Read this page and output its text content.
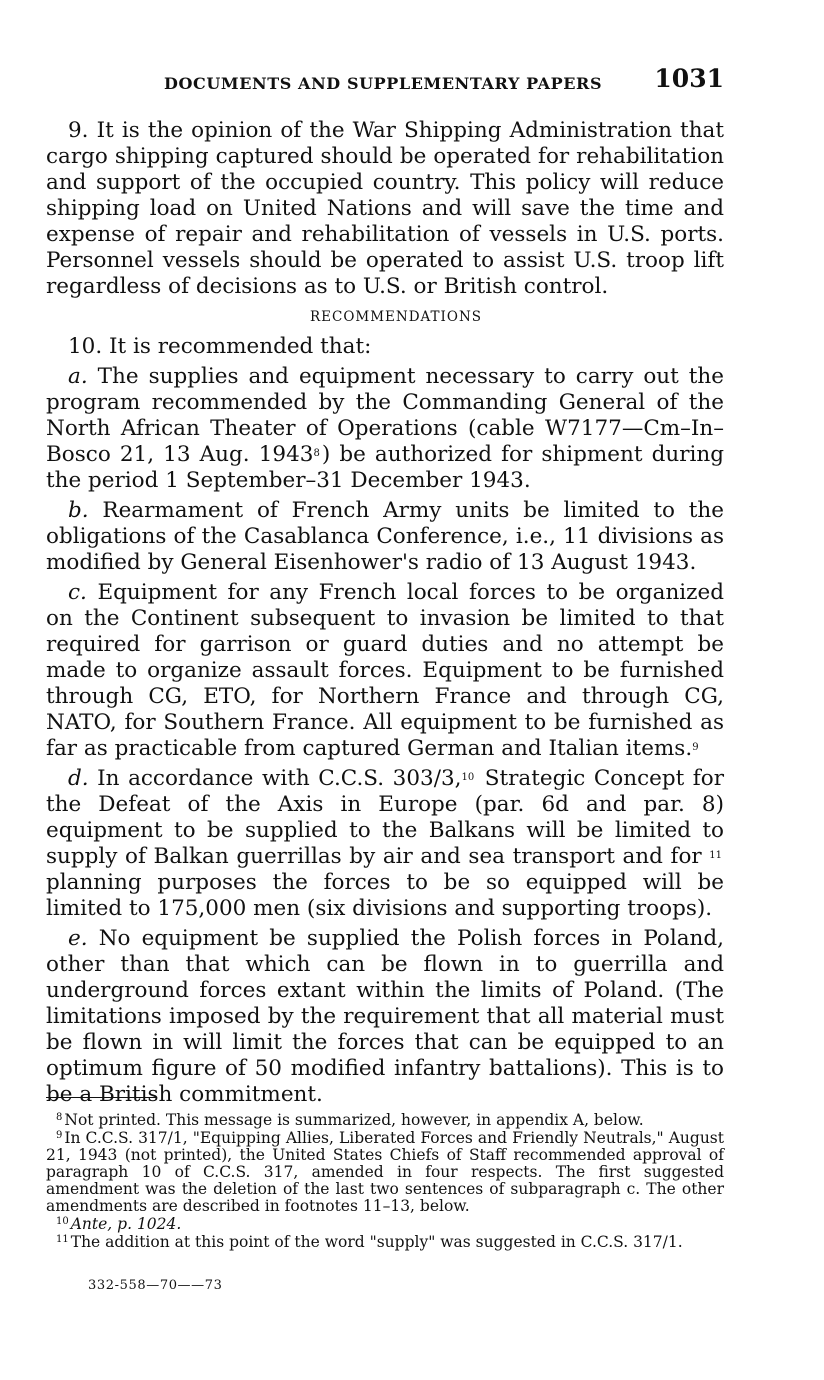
DOCUMENTS AND SUPPLEMENTARY PAPERS 1031

9. It is the opinion of the War Shipping Administration that cargo shipping captured should be operated for rehabilitation and support of the occupied country. This policy will reduce shipping load on United Nations and will save the time and expense of repair and rehabilitation of vessels in U.S. ports. Personnel vessels should be operated to assist U.S. troop lift regardless of decisions as to U.S. or British control.

RECOMMENDATIONS

10. It is recommended that:

a. The supplies and equipment necessary to carry out the program recommended by the Commanding General of the North African Theater of Operations (cable W7177—Cm–In–Bosco 21, 13 Aug. 1943$^8$) be authorized for shipment during the period 1 September–31 December 1943.

b. Rearmament of French Army units be limited to the obligations of the Casablanca Conference, i.e., 11 divisions as modified by General Eisenhower's radio of 13 August 1943.

c. Equipment for any French local forces to be organized on the Continent subsequent to invasion be limited to that required for garrison or guard duties and no attempt be made to organize assault forces. Equipment to be furnished through CG, ETO, for Northern France and through CG, NATO, for Southern France. All equipment to be furnished as far as practicable from captured German and Italian items.$^9$

d. In accordance with C.C.S. 303/3,10 Strategic Concept for the Defeat of the Axis in Europe (par. 6d and par. 8) equipment to be supplied to the Balkans will be limited to supply of Balkan guerrillas by air and sea transport and for $^{11}$ planning purposes the forces to be so equipped will be limited to 175,000 men (six divisions and supporting troops).

e. No equipment be supplied the Polish forces in Poland, other than that which can be flown in to guerrilla and underground forces extant within the limits of Poland. (The limitations imposed by the requirement that all material must be flown in will limit the forces that can be equipped to an optimum figure of 50 modified infantry battalions). This is to be a British commitment.

$^8$ Not printed. This message is summarized, however, in appendix A, below.

$^9$ In C.C.S. 317/1, "Equipping Allies, Liberated Forces and Friendly Neutrals," August 21, 1943 (not printed), the United States Chiefs of Staff recommended approval of paragraph 10 of C.C.S. 317, amended in four respects. The first suggested amendment was the deletion of the last two sentences of subparagraph c. The other amendments are described in footnotes 11–13, below.

$^{10}$ Ante, p. 1024.

$^{11}$ The addition at this point of the word "supply" was suggested in C.C.S. 317/1.

332-558—70——73
